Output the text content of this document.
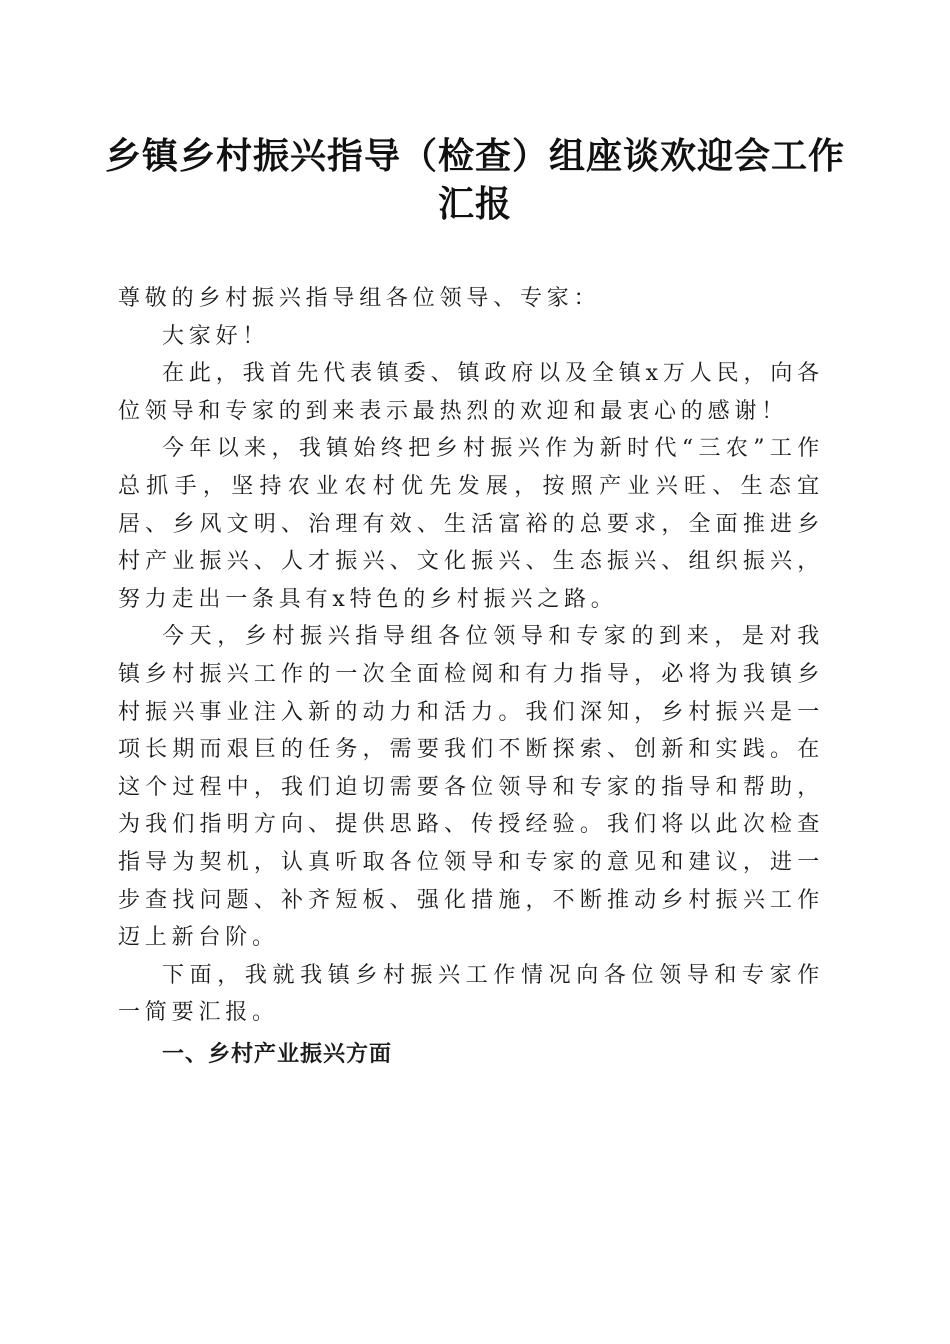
乡镇乡村振兴指导（检查）组座谈欢迎会工作汇报

尊敬的乡村振兴指导组各位领导、专家：

大家好！

在此，我首先代表镇委、镇政府以及全镇x万人民，向各位领导和专家的到来表示最热烈的欢迎和最衷心的感谢！

今年以来，我镇始终把乡村振兴作为新时代“三农”工作总抓手，坚持农业农村优先发展，按照产业兴旺、生态宜居、乡风文明、治理有效、生活富裕的总要求，全面推进乡村产业振兴、人才振兴、文化振兴、生态振兴、组织振兴，努力走出一条具有x特色的乡村振兴之路。

今天，乡村振兴指导组各位领导和专家的到来，是对我镇乡村振兴工作的一次全面检阅和有力指导，必将为我镇乡村振兴事业注入新的动力和活力。我们深知，乡村振兴是一项长期而艰巨的任务，需要我们不断探索、创新和实践。在这个过程中，我们迫切需要各位领导和专家的指导和帮助，为我们指明方向、提供思路、传授经验。我们将以此次检查指导为契机，认真听取各位领导和专家的意见和建议，进一步查找问题、补齐短板、强化措施，不断推动乡村振兴工作迈上新台阶。

下面，我就我镇乡村振兴工作情况向各位领导和专家作一简要汇报。

一、乡村产业振兴方面
